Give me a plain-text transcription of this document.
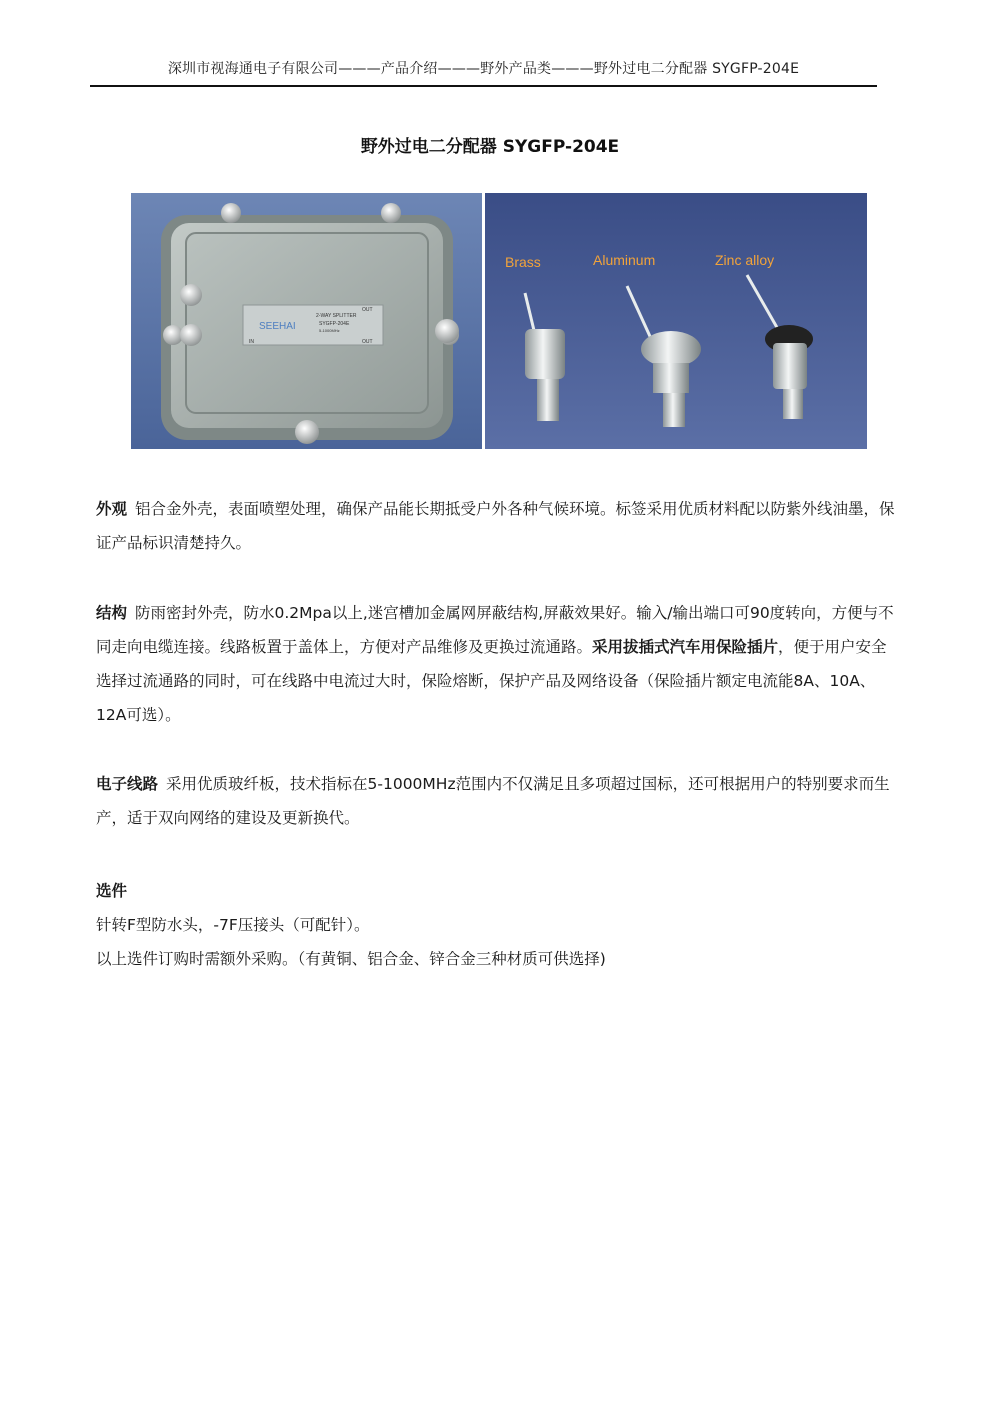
深圳市视海通电子有限公司———产品介绍———野外产品类———野外过电二分配器 SYGFP-204E
野外过电二分配器 SYGFP-204E
SEEHAI
2-WAY SPLITTER
SYGFP-204E
5-1000MHz
OUT
IN	OUT
Brass	Aluminum	Zinc alloy
外观 铝合金外壳，表面喷塑处理，确保产品能长期抵受户外各种气候环境。标签采用优质材料配以防紫外线油墨，保证产品标识清楚持久。
结构 防雨密封外壳，防水0.2Mpa以上,迷宫槽加金属网屏蔽结构,屏蔽效果好。输入/输出端口可90度转向，方便与不同走向电缆连接。线路板置于盖体上，方便对产品维修及更换过流通路。采用拔插式汽车用保险插片，便于用户安全选择过流通路的同时，可在线路中电流过大时，保险熔断，保护产品及网络设备（保险插片额定电流能8A、10A、12A可选）。
电子线路 采用优质玻纤板，技术指标在5-1000MHz范围内不仅满足且多项超过国标，还可根据用户的特别要求而生产，适于双向网络的建设及更新换代。
选件
针转F型防水头，-7F压接头（可配针）。
以上选件订购时需额外采购。（有黄铜、铝合金、锌合金三种材质可供选择)
